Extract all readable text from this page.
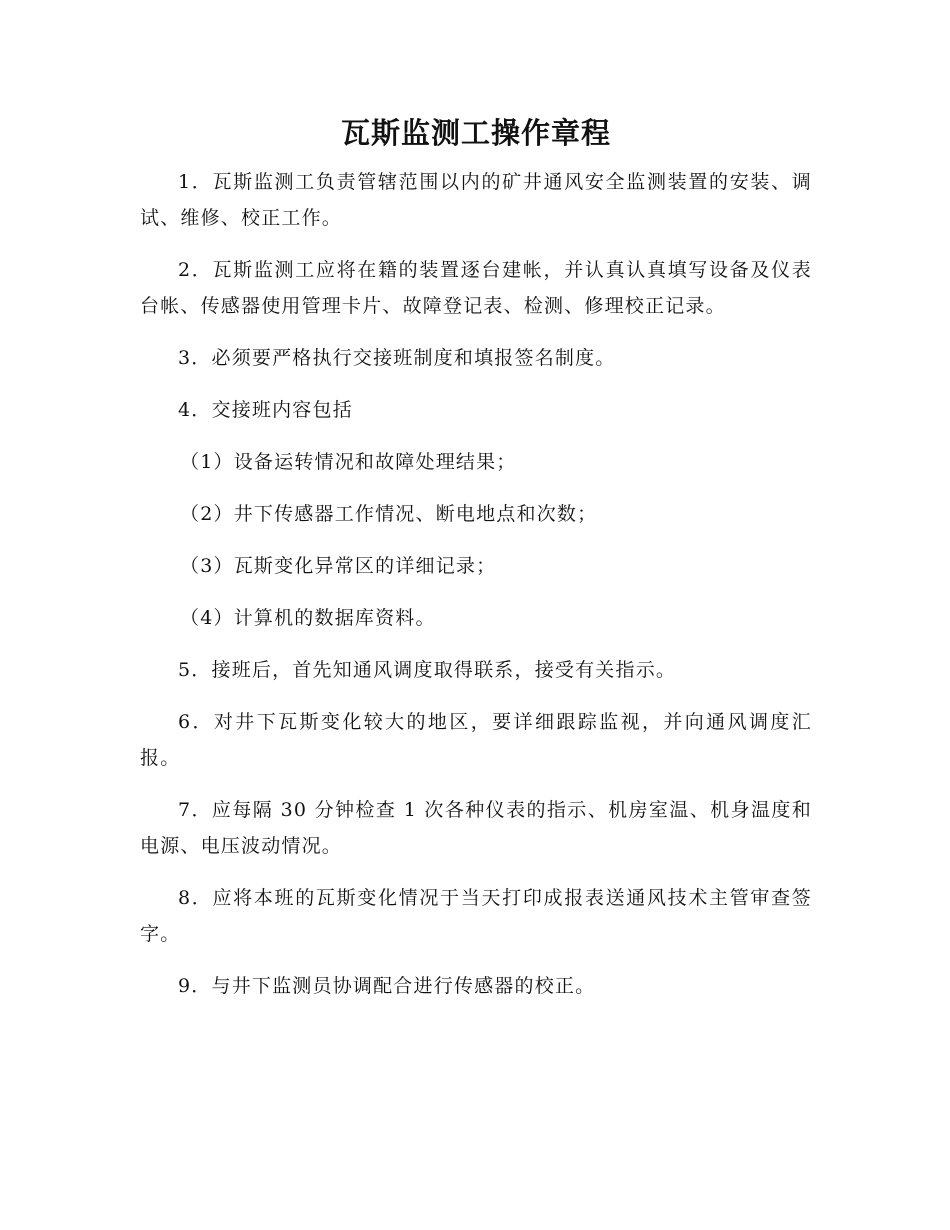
瓦斯监测工操作章程

1．瓦斯监测工负责管辖范围以内的矿井通风安全监测装置的安装、调试、维修、校正工作。

2．瓦斯监测工应将在籍的装置逐台建帐，并认真认真填写设备及仪表台帐、传感器使用管理卡片、故障登记表、检测、修理校正记录。

3．必须要严格执行交接班制度和填报签名制度。

4．交接班内容包括

（1）设备运转情况和故障处理结果；

（2）井下传感器工作情况、断电地点和次数；

（3）瓦斯变化异常区的详细记录；

（4）计算机的数据库资料。

5．接班后，首先知通风调度取得联系，接受有关指示。

6．对井下瓦斯变化较大的地区，要详细跟踪监视，并向通风调度汇报。

7．应每隔 30 分钟检查 1 次各种仪表的指示、机房室温、机身温度和电源、电压波动情况。

8．应将本班的瓦斯变化情况于当天打印成报表送通风技术主管审查签字。

9．与井下监测员协调配合进行传感器的校正。
